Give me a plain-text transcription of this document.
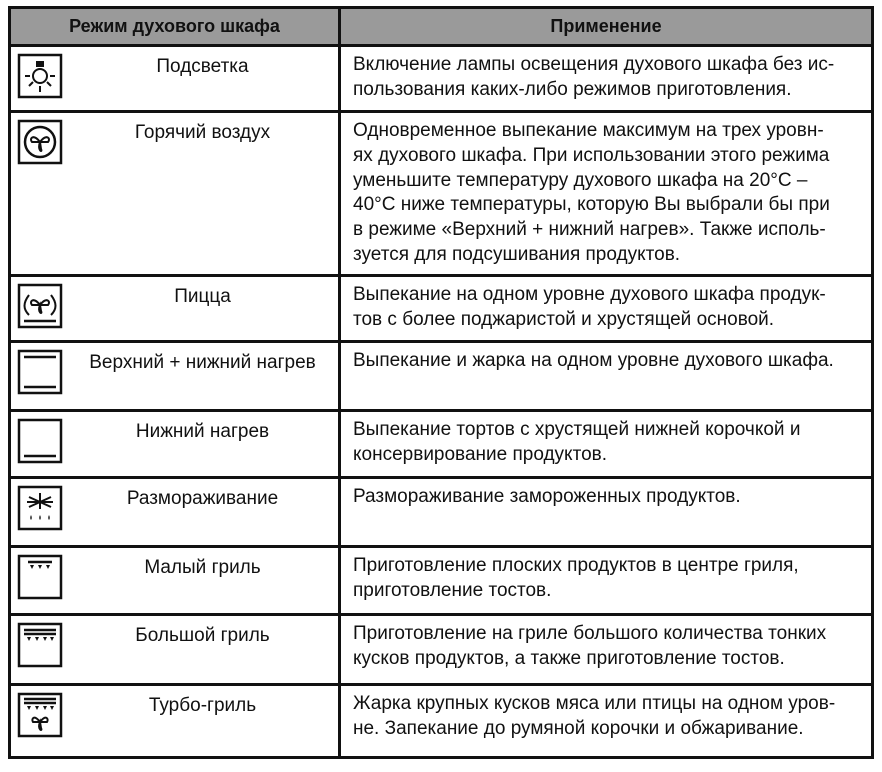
Режим духового шкафа	Применение
Подсветка	Включение лампы освещения духового шкафа без ис-
пользования каких-либо режимов приготовления.
Горячий воздух	Одновременное выпекание максимум на трех уровн-
ях духового шкафа. При использовании этого режима
уменьшите температуру духового шкафа на 20°С –
40°С ниже температуры, которую Вы выбрали бы при
в режиме «Верхний + нижний нагрев». Также исполь-
зуется для подсушивания продуктов.
Пицца	Выпекание на одном уровне духового шкафа продук-
тов с более поджаристой и хрустящей основой.
Верхний + нижний нагрев	Выпекание и жарка на одном уровне духового шкафа.
Нижний нагрев	Выпекание тортов с хрустящей нижней корочкой и
консервирование продуктов.
Размораживание	Размораживание замороженных продуктов.
Малый гриль	Приготовление плоских продуктов в центре гриля,
приготовление тостов.
Большой гриль	Приготовление на гриле большого количества тонких
кусков продуктов, а также приготовление тостов.
Турбо-гриль	Жарка крупных кусков мяса или птицы на одном уров-
не. Запекание до румяной корочки и обжаривание.
